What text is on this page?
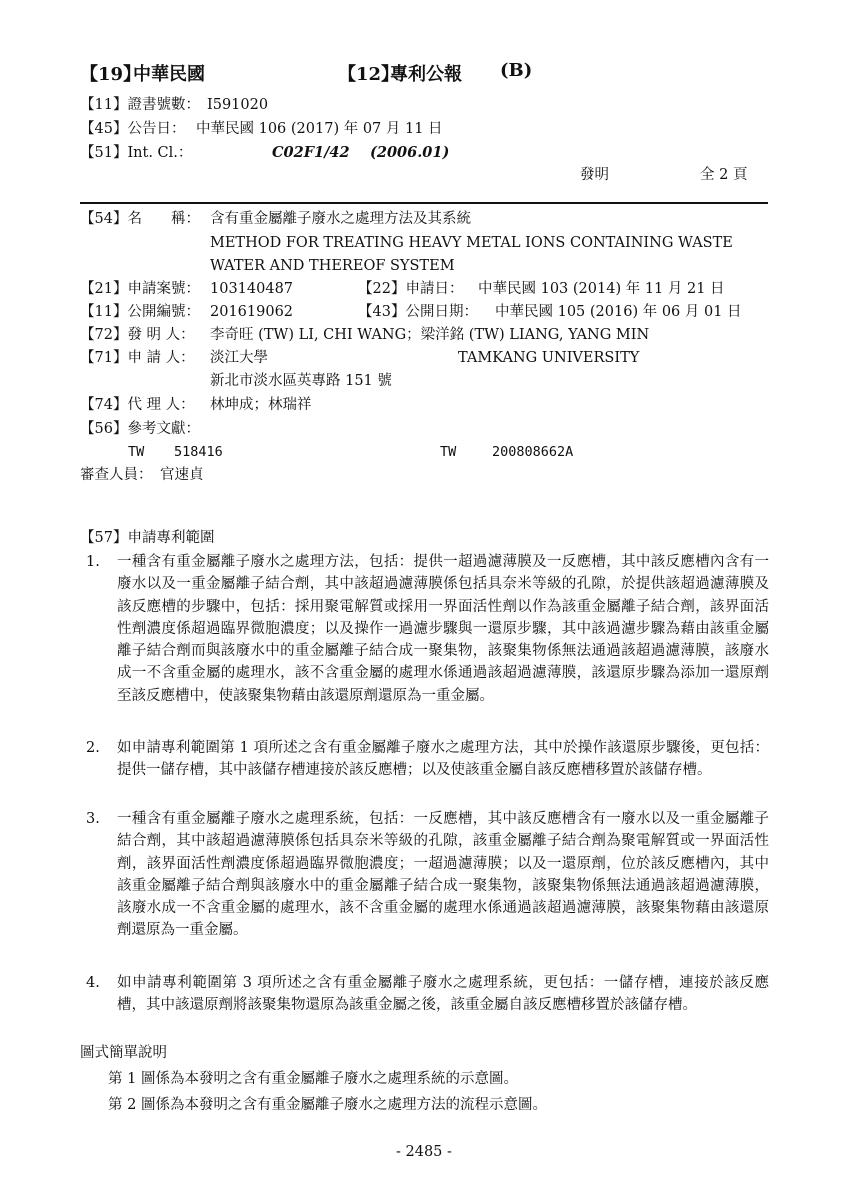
【19】
中華民國	【12】
專利公報 (B)
【11】證書號數： I591020
【45】公告日： 中華民國 106 (2017) 年 07 月 11 日
【51】Int. Cl.：	C02F1/42 (2006.01)
發明	全 2 頁
【54】名　　稱： 含有重金屬離子廢水之處理方法及其系統
METHOD FOR TREATING HEAVY METAL IONS CONTAINING WASTE
WATER AND THEREOF SYSTEM
【21】申請案號： 103140487	【22】申請日： 中華民國 103 (2014) 年 11 月 21 日
【11】公開編號： 201619062	【43】公開日期： 中華民國 105 (2016) 年 06 月 01 日
【72】發 明 人： 李奇旺 (TW) LI, CHI WANG；梁洋銘 (TW) LIANG, YANG MIN
【71】申 請 人： 淡江大學	TAMKANG UNIVERSITY
新北市淡水區英專路 151 號
【74】代 理 人： 林坤成；林瑞祥
【56】參考文獻：
TW 518416	TW	200808662A
審查人員： 官速貞
【57】申請專利範圍
1.	一種含有重金屬離子廢水之處理方法，包括：提供一超過濾薄膜及一反應槽，其中該反應槽內含有一廢水以及一重金屬離子結合劑，其中該超過濾薄膜係包括具奈米等級的孔隙，於提供該超過濾薄膜及該反應槽的步驟中，包括：採用聚電解質或採用一界面活性劑以作為該重金屬離子結合劑，該界面活性劑濃度係超過臨界微胞濃度；以及操作一過濾步驟與一還原步驟，其中該過濾步驟為藉由該重金屬離子結合劑而與該廢水中的重金屬離子結合成一聚集物，該聚集物係無法通過該超過濾薄膜，該廢水成一不含重金屬的處理水，該不含重金屬的處理水係通過該超過濾薄膜，該還原步驟為添加一還原劑至該反應槽中，使該聚集物藉由該還原劑還原為一重金屬。
2.	如申請專利範圍第 1 項所述之含有重金屬離子廢水之處理方法，其中於操作該還原步驟後，更包括：提供一儲存槽，其中該儲存槽連接於該反應槽；以及使該重金屬自該反應槽移置於該儲存槽。
3.	一種含有重金屬離子廢水之處理系統，包括：一反應槽，其中該反應槽含有一廢水以及一重金屬離子結合劑，其中該超過濾薄膜係包括具奈米等級的孔隙，該重金屬離子結合劑為聚電解質或一界面活性劑，該界面活性劑濃度係超過臨界微胞濃度；一超過濾薄膜；以及一還原劑，位於該反應槽內，其中該重金屬離子結合劑與該廢水中的重金屬離子結合成一聚集物，該聚集物係無法通過該超過濾薄膜，該廢水成一不含重金屬的處理水，該不含重金屬的處理水係通過該超過濾薄膜，該聚集物藉由該還原劑還原為一重金屬。
4.	如申請專利範圍第 3 項所述之含有重金屬離子廢水之處理系統，更包括：一儲存槽，連接於該反應槽，其中該還原劑將該聚集物還原為該重金屬之後，該重金屬自該反應槽移置於該儲存槽。
圖式簡單說明
第 1 圖係為本發明之含有重金屬離子廢水之處理系統的示意圖。
第 2 圖係為本發明之含有重金屬離子廢水之處理方法的流程示意圖。
- 2485 -
